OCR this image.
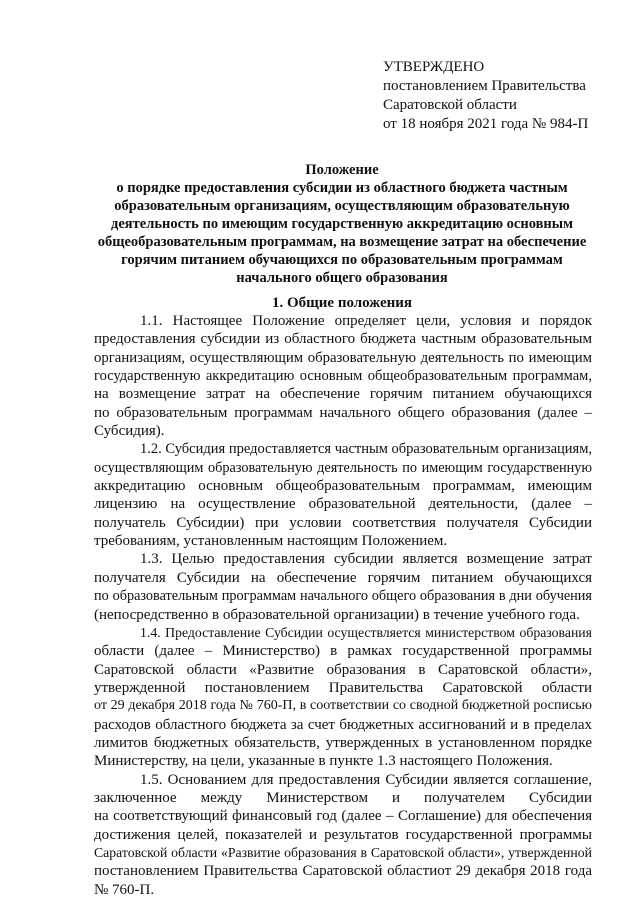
УТВЕРЖДЕНО
постановлением Правительства
Саратовской области
от 18 ноября 2021 года № 984-П
Положение
о порядке предоставления субсидии из областного бюджета частным
образовательным организациям, осуществляющим образовательную
деятельность по имеющим государственную аккредитацию основным
общеобразовательным программам, на возмещение затрат на обеспечение
горячим питанием обучающихся по образовательным программам
начального общего образования
1. Общие положения
1.1. Настоящее Положение определяет цели, условия и порядок
предоставления субсидии из областного бюджета частным образовательным
организациям, осуществляющим образовательную деятельность по имеющим
государственную аккредитацию основным общеобразовательным программам,
на возмещение затрат на обеспечение горячим питанием обучающихся
по образовательным программам начального общего образования (далее –
Субсидия).
1.2. Субсидия предоставляется частным образовательным организациям,
осуществляющим образовательную деятельность по имеющим государственную
аккредитацию основным общеобразовательным программам, имеющим
лицензию на осуществление образовательной деятельности, (далее –
получатель Субсидии) при условии соответствия получателя Субсидии
требованиям, установленным настоящим Положением.
1.3. Целью предоставления субсидии является возмещение затрат
получателя Субсидии на обеспечение горячим питанием обучающихся
по образовательным программам начального общего образования в дни обучения
(непосредственно в образовательной организации) в течение учебного года.
1.4. Предоставление Субсидии осуществляется министерством образования
области (далее – Министерство) в рамках государственной программы
Саратовской области «Развитие образования в Саратовской области»,
утвержденной постановлением Правительства Саратовской области
от 29 декабря 2018 года № 760-П, в соответствии со сводной бюджетной росписью
расходов областного бюджета за счет бюджетных ассигнований и в пределах
лимитов бюджетных обязательств, утвержденных в установленном порядке
Министерству, на цели, указанные в пункте 1.3 настоящего Положения.
1.5. Основанием для предоставления Субсидии является соглашение,
заключенное между Министерством и получателем Субсидии
на соответствующий финансовый год (далее – Соглашение) для обеспечения
достижения целей, показателей и результатов государственной программы
Саратовской области «Развитие образования в Саратовской области», утвержденной
постановлением Правительства Саратовской областиот 29 декабря 2018 года
№ 760-П.
